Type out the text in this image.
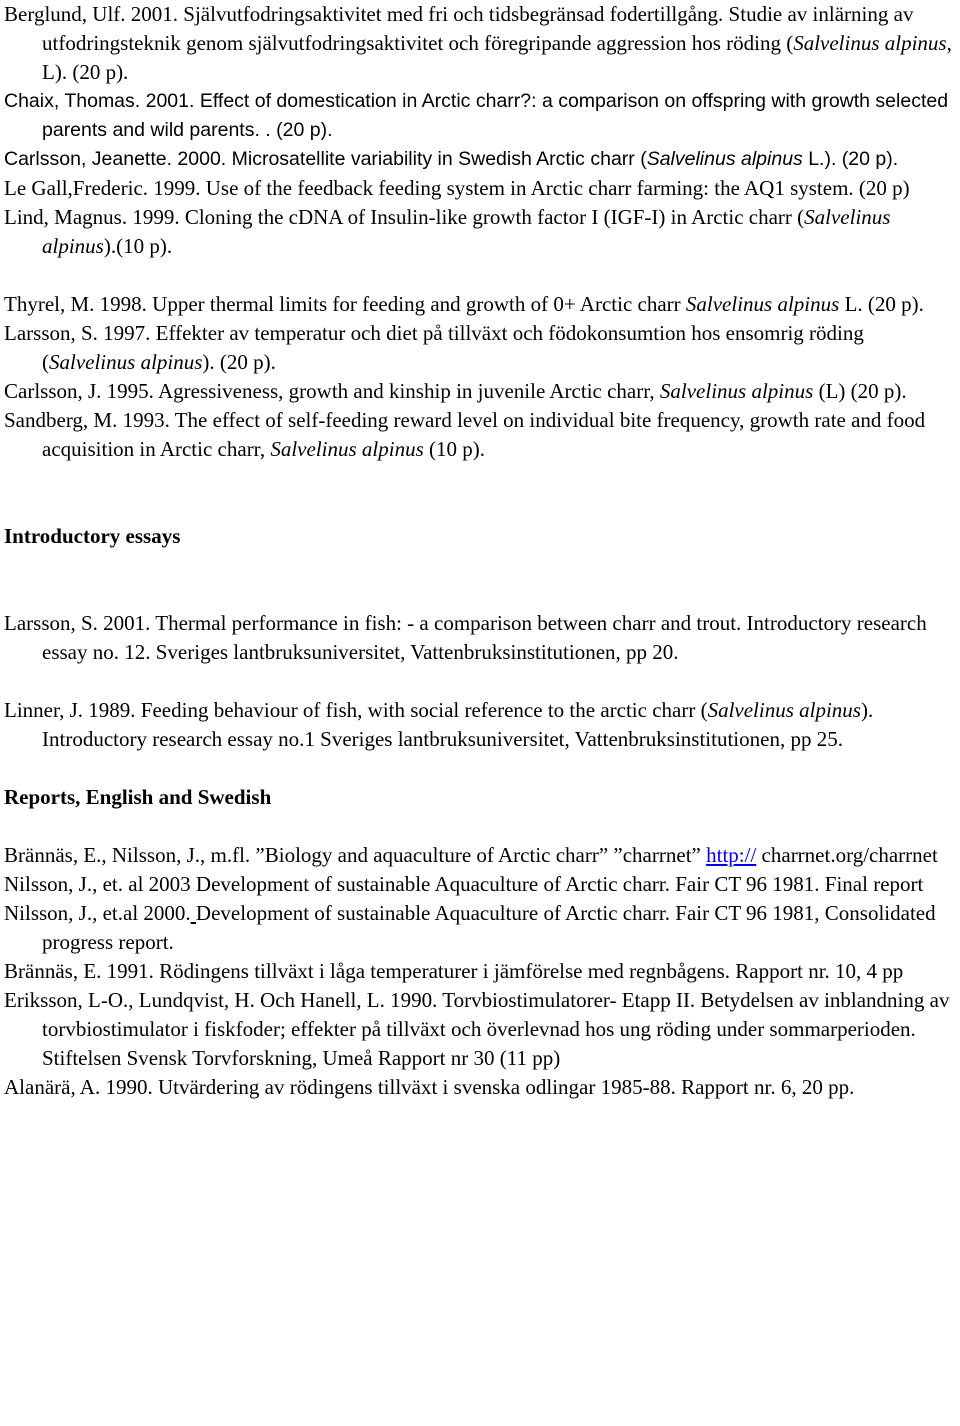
Berglund, Ulf. 2001. Självutfodringsaktivitet med fri och tidsbegränsad fodertillgång. Studie av inlärning av utfodringsteknik genom självutfodringsaktivitet och föregripande aggression hos röding (Salvelinus alpinus, L). (20 p).

Chaix, Thomas. 2001. Effect of domestication in Arctic charr?: a comparison on offspring with growth selected parents and wild parents. . (20 p).

Carlsson, Jeanette. 2000. Microsatellite variability in Swedish Arctic charr (Salvelinus alpinus L.). (20 p).

Le Gall,Frederic. 1999. Use of the feedback feeding system in Arctic charr farming: the AQ1 system. (20 p)

Lind, Magnus. 1999. Cloning the cDNA of Insulin-like growth factor I (IGF-I) in Arctic charr (Salvelinus alpinus).(10 p).

Thyrel, M. 1998. Upper thermal limits for feeding and growth of 0+ Arctic charr Salvelinus alpinus L. (20 p).

Larsson, S. 1997. Effekter av temperatur och diet på tillväxt och födokonsumtion hos ensomrig röding (Salvelinus alpinus). (20 p).

Carlsson, J. 1995. Agressiveness, growth and kinship in juvenile Arctic charr, Salvelinus alpinus (L) (20 p).

Sandberg, M. 1993. The effect of self-feeding reward level on individual bite frequency, growth rate and food acquisition in Arctic charr, Salvelinus alpinus (10 p).

Introductory essays

Larsson, S. 2001. Thermal performance in fish: - a comparison between charr and trout. Introductory research essay no. 12. Sveriges lantbruksuniversitet, Vattenbruksinstitutionen, pp 20.

Linner, J. 1989. Feeding behaviour of fish, with social reference to the arctic charr (Salvelinus alpinus). Introductory research essay no.1 Sveriges lantbruksuniversitet, Vattenbruksinstitutionen, pp 25.

Reports, English and Swedish

Brännäs, E., Nilsson, J., m.fl. ”Biology and aquaculture of Arctic charr” ”charrnet” http:// charrnet.org/charrnet

Nilsson, J., et. al 2003 Development of sustainable Aquaculture of Arctic charr. Fair CT 96 1981. Final report

Nilsson, J., et.al 2000. Development of sustainable Aquaculture of Arctic charr. Fair CT 96 1981, Consolidated progress report.

Brännäs, E. 1991. Rödingens tillväxt i låga temperaturer i jämförelse med regnbågens. Rapport nr. 10, 4 pp

Eriksson, L-O., Lundqvist, H. Och Hanell, L. 1990. Torvbiostimulatorer- Etapp II. Betydelsen av inblandning av torvbiostimulator i fiskfoder; effekter på tillväxt och överlevnad hos ung röding under sommarperioden. Stiftelsen Svensk Torvforskning, Umeå Rapport nr 30 (11 pp)

Alanärä, A. 1990. Utvärdering av rödingens tillväxt i svenska odlingar 1985-88. Rapport nr. 6, 20 pp.
